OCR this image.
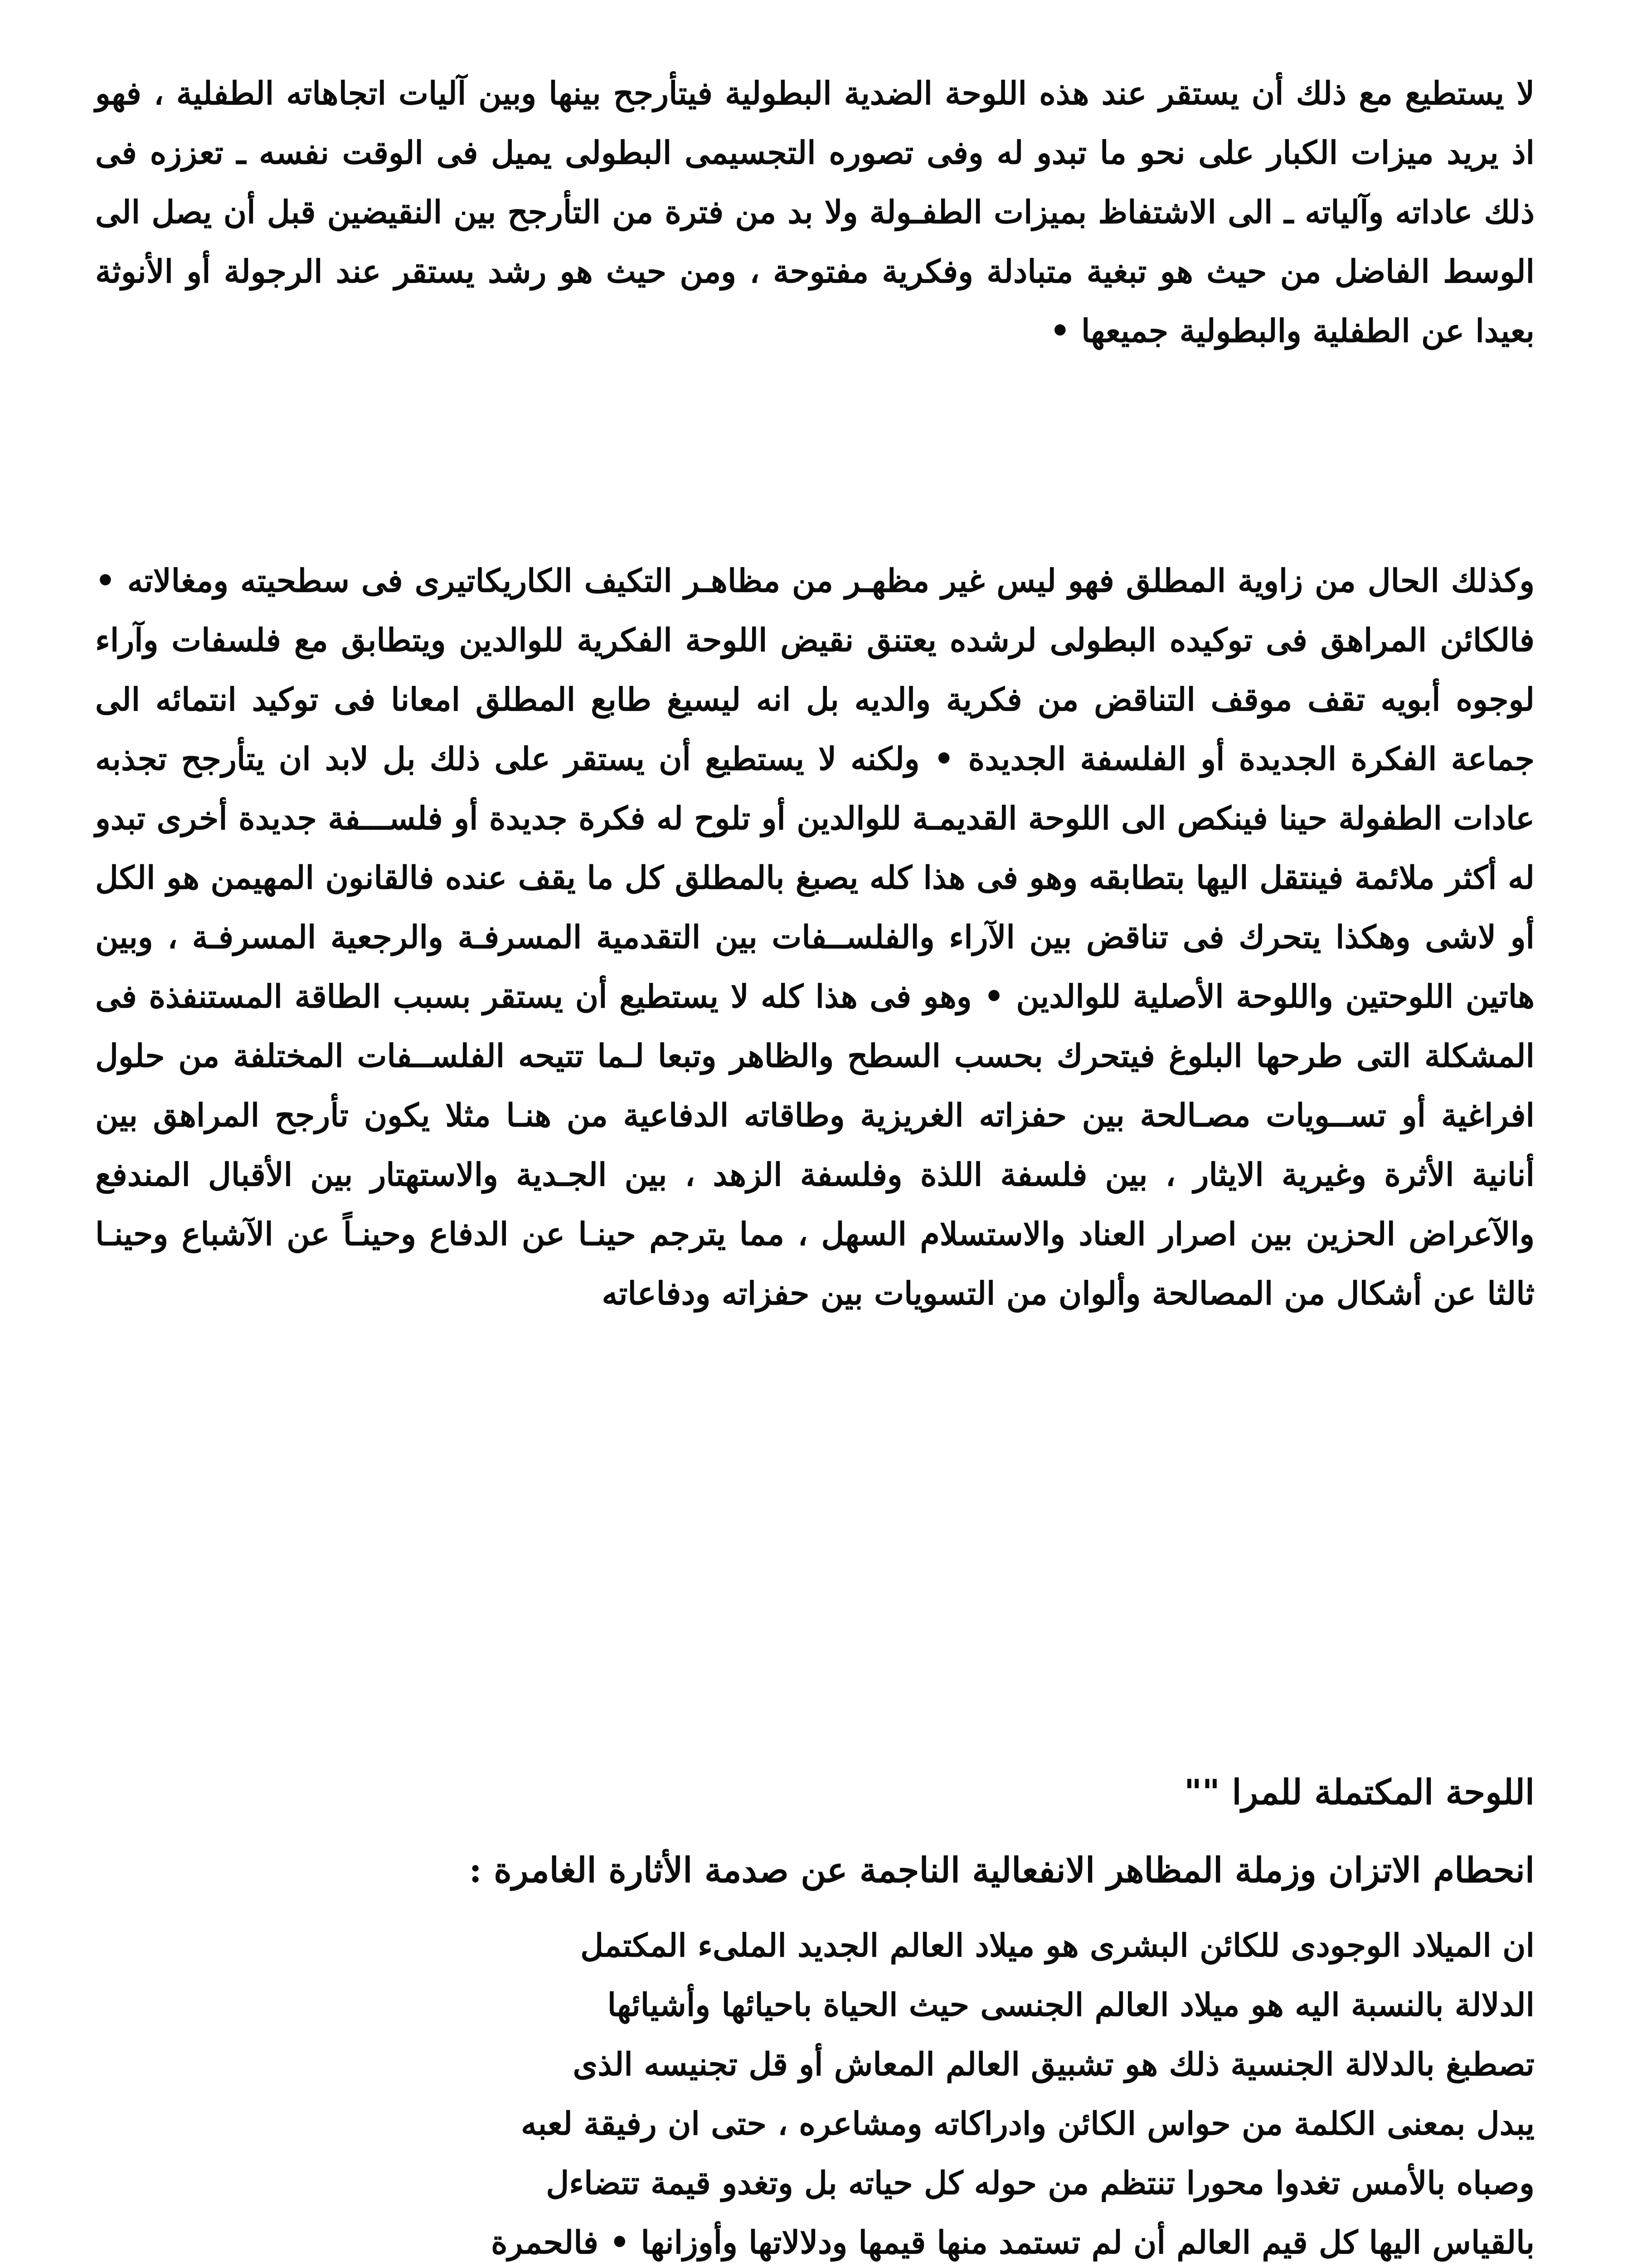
لا يستطيع مع ذلك أن يستقر عند هذه اللوحة الضدية البطولية فيتأرجح بينها وبين آليات اتجاهاته الطفلية ، فهو اذ يريد ميزات الكبار على نحو ما تبدو له وفى تصوره التجسيمى البطولى يميل فى الوقت نفسه ـ تعززه فى ذلك عاداته وآلياته ـ الى الاشتفاظ بميزات الطفـولة ولا بد من فترة من التأرجح بين النقيضين قبل أن يصل الى الوسط الفاضل من حيث هو تبغية متبادلة وفكرية مفتوحة ، ومن حيث هو رشد يستقر عند الرجولة أو الأنوثة بعيدا عن الطفلية والبطولية جميعها •

وكذلك الحال من زاوية المطلق فهو ليس غير مظهـر من مظاهـر التكيف الكاريكاتيرى فى سطحيته ومغالاته • فالكائن المراهق فى توكيده البطولى لرشده يعتنق نقيض اللوحة الفكرية للوالدين ويتطابق مع فلسفات وآراء لوجوه أبويه تقف موقف التناقض من فكرية والديه بل انه ليسيغ طابع المطلق امعانا فى توكيد انتمائه الى جماعة الفكرة الجديدة أو الفلسفة الجديدة • ولكنه لا يستطيع أن يستقر على ذلك بل لابد ان يتأرجح تجذبه عادات الطفولة حينا فينكص الى اللوحة القديمـة للوالدين أو تلوح له فكرة جديدة أو فلســـفة جديدة أخرى تبدو له أكثر ملائمة فينتقل اليها بتطابقه وهو فى هذا كله يصبغ بالمطلق كل ما يقف عنده فالقانون المهيمن هو الكل أو لاشى وهكذا يتحرك فى تناقض بين الآراء والفلســفات بين التقدمية المسرفـة والرجعية المسرفـة ، وبين هاتين اللوحتين واللوحة الأصلية للوالدين • وهو فى هذا كله لا يستطيع أن يستقر بسبب الطاقة المستنفذة فى المشكلة التى طرحها البلوغ فيتحرك بحسب السطح والظاهر وتبعا لـما تتيحه الفلســفات المختلفة من حلول افراغية أو تســويات مصـالحة بين حفزاته الغريزية وطاقاته الدفاعية من هنـا مثلا يكون تأرجح المراهق بين أنانية الأثرة وغيرية الايثار ، بين فلسفة اللذة وفلسفة الزهد ، بين الجـدية والاستهتار بين الأقبال المندفع والآعراض الحزين بين اصرار العناد والاستسلام السهل ، مما يترجم حينـا عن الدفاع وحينـاً عن الآشباع وحينـا ثالثا عن أشكال من المصالحة وألوان من التسويات بين حفزاته ودفاعاته

اللوحة المكتملة للمرا ""
انحطام الاتزان وزملة المظاهر الانفعالية الناجمة عن صدمة الأثارة الغامرة :
ان الميلاد الوجودى للكائن البشرى هو ميلاد العالم الجديد الملىء المكتمل
الدلالة بالنسبة اليه هو ميلاد العالم الجنسى حيث الحياة باحيائها وأشيائها
تصطبغ بالدلالة الجنسية ذلك هو تشبيق العالم المعاش أو قل تجنيسه الذى
يبدل بمعنى الكلمة من حواس الكائن وادراكاته ومشاعره ، حتى ان رفيقة لعبه
وصباه بالأمس تغدوا محورا تنتظم من حوله كل حياته بل وتغدو قيمة تتضاءل
بالقياس اليها كل قيم العالم أن لم تستمد منها قيمها ودلالاتها وأوزانها • فالحمرة
